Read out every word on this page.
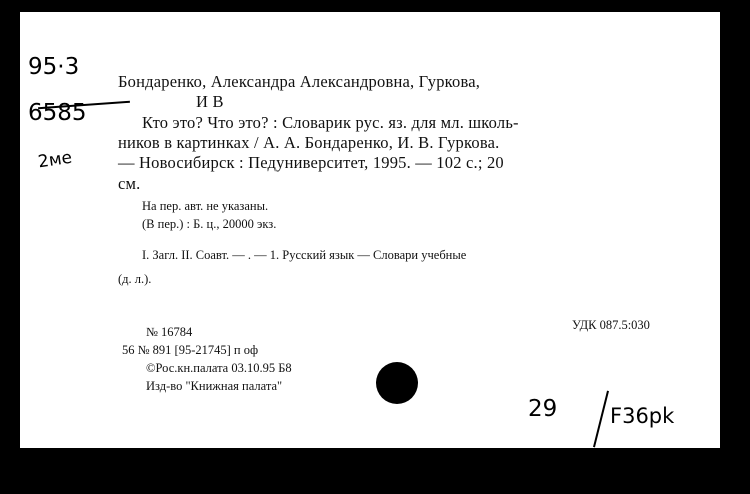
95·3
6585
2ме
Бондаренко, Александра Александровна, Гуркова,
И В
Кто это? Что это? : Словарик рус. яз. для мл. школь-
ников в картинках / А. А. Бондаренко, И. В. Гуркова.
— Новосибирск : Педуниверситет, 1995. — 102 с.; 20
см.
На пер. авт. не указаны.
(В пер.) : Б. ц., 20000 экз.
I. Загл. II. Соавт. — . — 1. Русский язык — Словари учебные
(д. л.).
№ 16784	УДК 087.5:030
56 № 891 [95-21745] п оф
©Рос.кн.палата 03.10.95 Б8
Изд-во "Книжная палата"
29	F36pk
